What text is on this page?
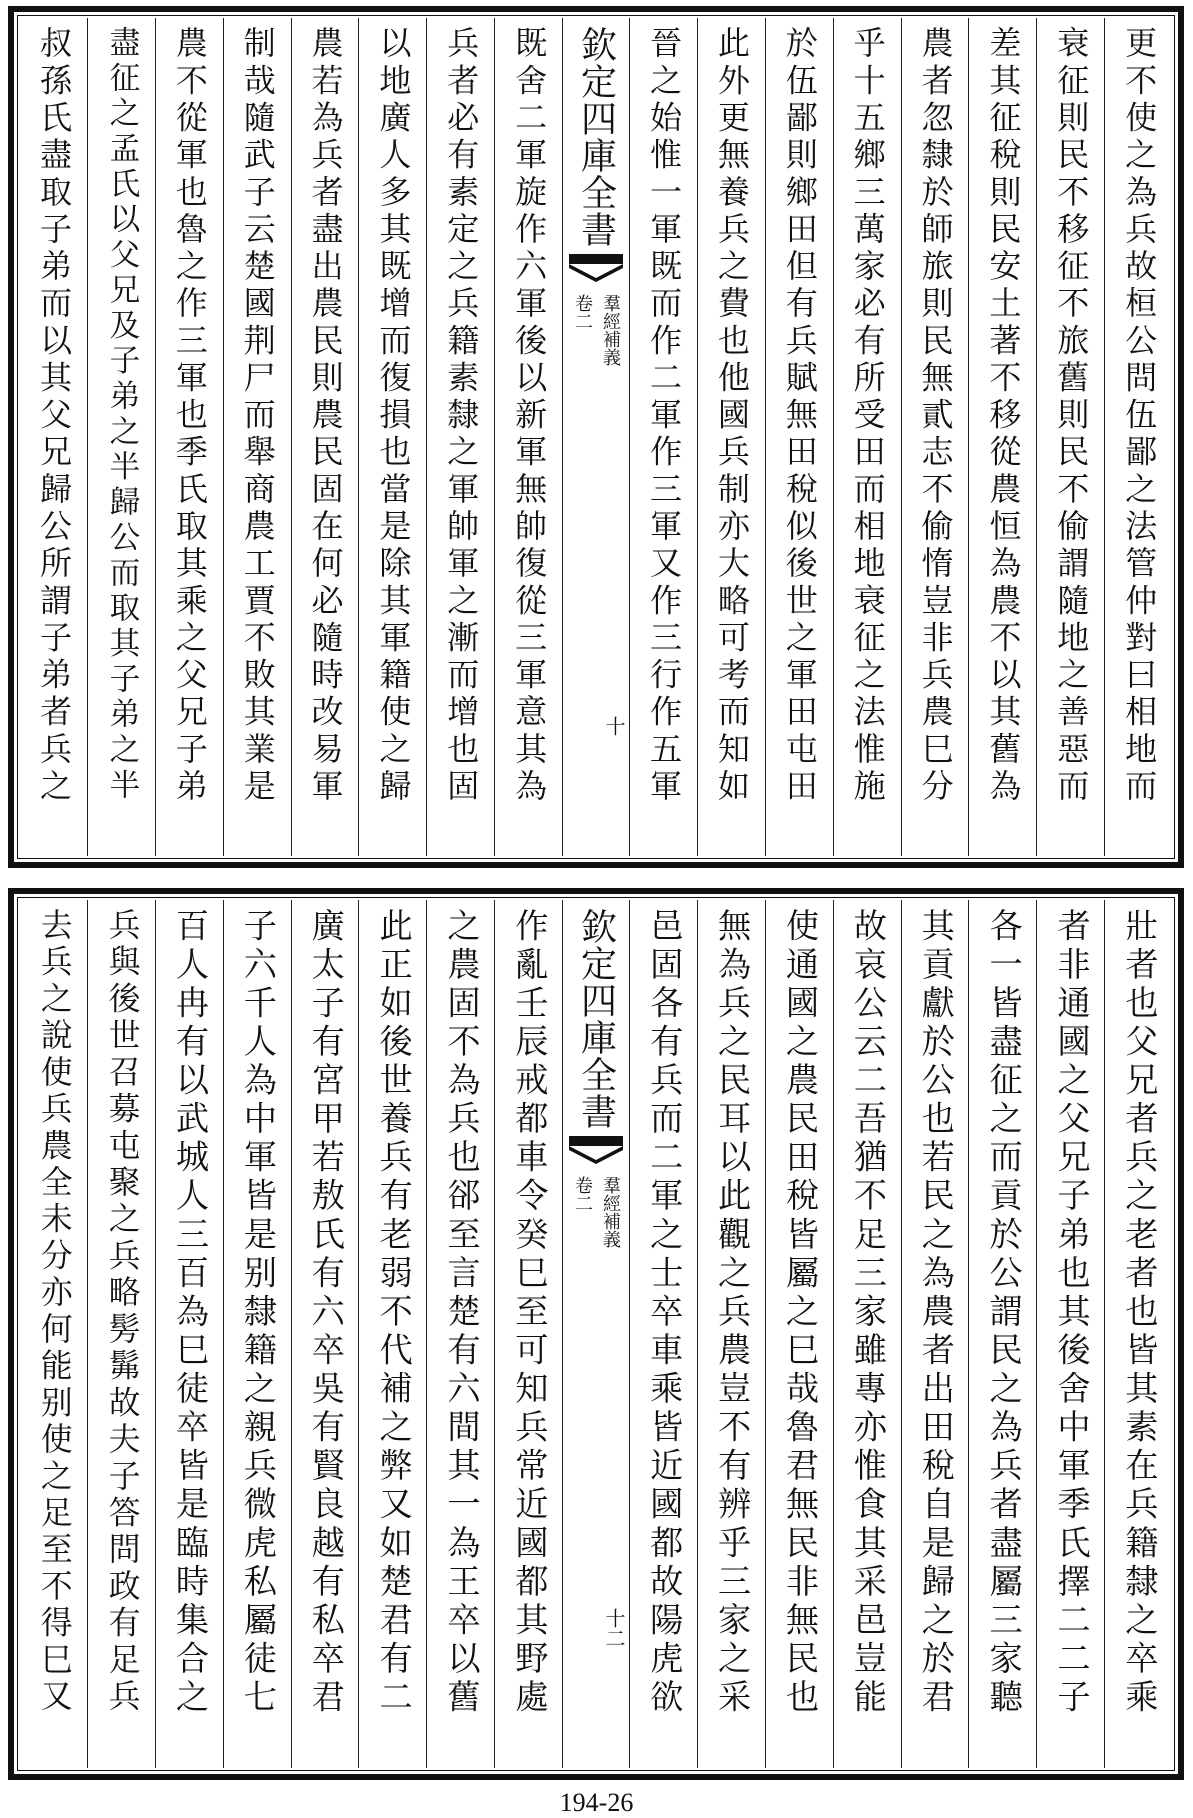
更不使之為兵故桓公問伍鄙之法管仲對曰相地而
衰征則民不移征不旅舊則民不偷謂隨地之善惡而
差其征稅則民安土著不移從農恒為農不以其舊為
農者忽隸於師旅則民無貳志不偷惰豈非兵農巳分
乎十五鄉三萬家必有所受田而相地衰征之法惟施
於伍鄙則鄉田但有兵賦無田稅似後世之軍田屯田
此外更無養兵之費也他國兵制亦大略可考而知如
晉之始惟一軍既而作二軍作三軍又作三行作五軍
欽定四庫全書
羣經補義
卷二
十
既舍二軍旋作六軍後以新軍無帥復從三軍意其為
兵者必有素定之兵籍素隸之軍帥軍之漸而增也固
以地廣人多其既增而復損也當是除其軍籍使之歸
農若為兵者盡出農民則農民固在何必隨時改易軍
制哉隨武子云楚國荆尸而舉商農工賈不敗其業是
農不從軍也魯之作三軍也季氏取其乘之父兄子弟
盡征之孟氏以父兄及子弟之半歸公而取其子弟之半
叔孫氏盡取子弟而以其父兄歸公所謂子弟者兵之
壯者也父兄者兵之老者也皆其素在兵籍隸之卒乘
者非通國之父兄子弟也其後舍中軍季氏擇二二子
各一皆盡征之而貢於公謂民之為兵者盡屬三家聽
其貢獻於公也若民之為農者出田稅自是歸之於君
故哀公云二吾猶不足三家雖專亦惟食其采邑豈能
使通國之農民田稅皆屬之巳哉魯君無民非無民也
無為兵之民耳以此觀之兵農豈不有辨乎三家之采
邑固各有兵而二軍之士卒車乘皆近國都故陽虎欲
欽定四庫全書
羣經補義
卷二
十二
作亂壬辰戒都車令癸巳至可知兵常近國都其野處
之農固不為兵也郤至言楚有六間其一為王卒以舊
此正如後世養兵有老弱不代補之弊又如楚君有二
廣太子有宮甲若敖氏有六卒吳有賢良越有私卒君
子六千人為中軍皆是别隸籍之親兵微虎私屬徒七
百人冉有以武城人三百為巳徒卒皆是臨時集合之
兵與後世召募屯聚之兵略髣髴故夫子答問政有足兵
去兵之說使兵農全未分亦何能别使之足至不得巳又
194-26
